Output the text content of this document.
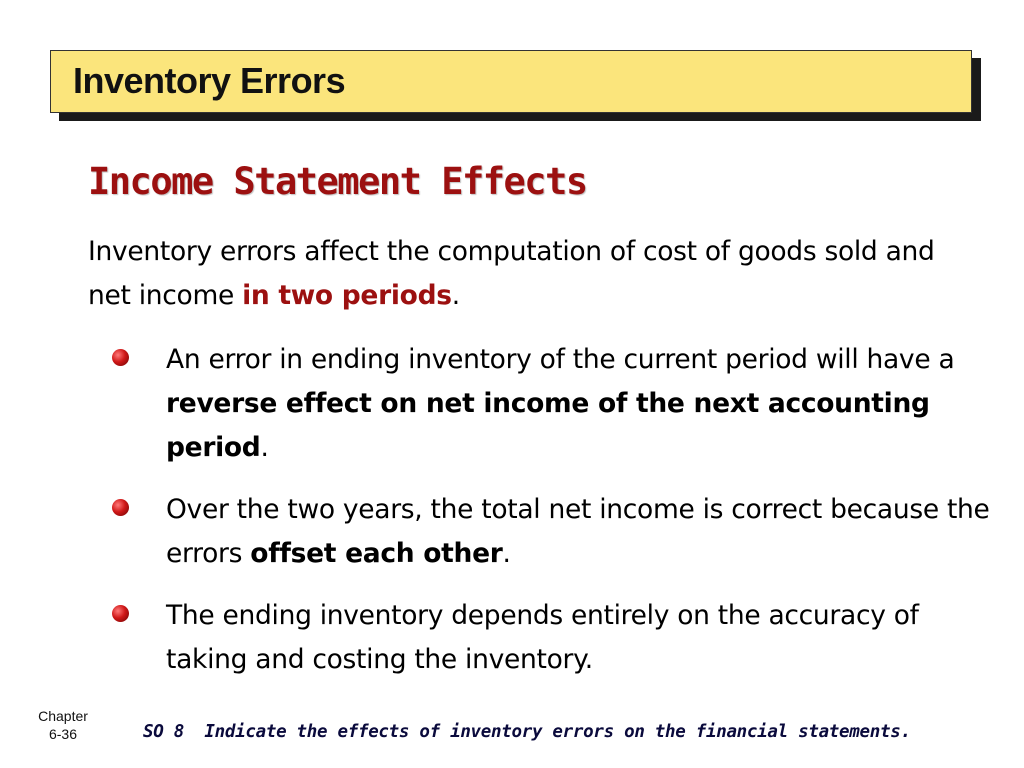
Inventory Errors
Income Statement Effects
Inventory errors affect the computation of cost of goods sold and net income in two periods.
An error in ending inventory of the current period will have a reverse effect on net income of the next accounting period.
Over the two years, the total net income is correct because the errors offset each other.
The ending inventory depends entirely on the accuracy of taking and costing the inventory.
Chapter
6-36	SO 8  Indicate the effects of inventory errors on the financial statements.
